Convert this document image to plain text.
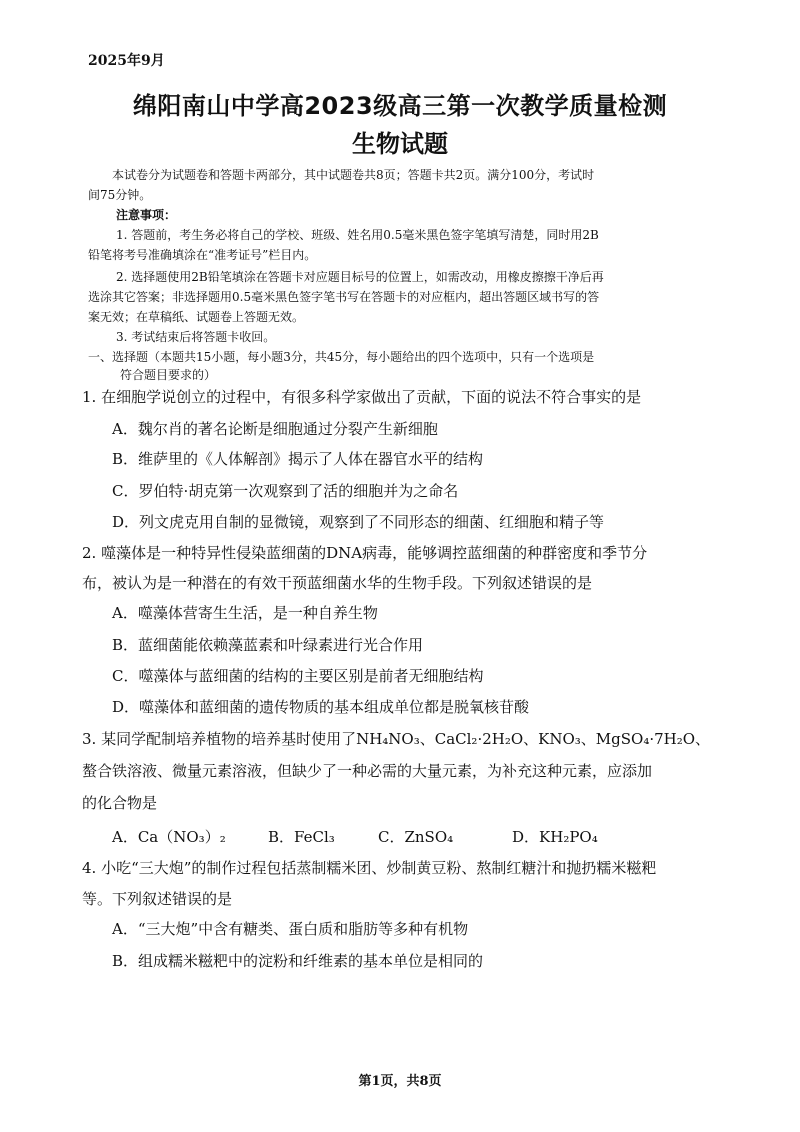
2025年9月
绵阳南山中学高2023级高三第一次教学质量检测
生物试题
本试卷分为试题卷和答题卡两部分，其中试题卷共8页；答题卡共2页。满分100分，考试时
间75分钟。
注意事项：
1. 答题前，考生务必将自己的学校、班级、姓名用0.5毫米黑色签字笔填写清楚，同时用2B
铅笔将考号准确填涂在“准考证号”栏目内。
2. 选择题使用2B铅笔填涂在答题卡对应题目标号的位置上，如需改动，用橡皮擦擦干净后再
选涂其它答案；非选择题用0.5毫米黑色签字笔书写在答题卡的对应框内，超出答题区域书写的答
案无效；在草稿纸、试题卷上答题无效。
3. 考试结束后将答题卡收回。
一、选择题（本题共15小题，每小题3分，共45分，每小题给出的四个选项中，只有一个选项是
符合题目要求的）
1. 在细胞学说创立的过程中，有很多科学家做出了贡献，下面的说法不符合事实的是
A．魏尔肖的著名论断是细胞通过分裂产生新细胞
B．维萨里的《人体解剖》揭示了人体在器官水平的结构
C．罗伯特·胡克第一次观察到了活的细胞并为之命名
D．列文虎克用自制的显微镜，观察到了不同形态的细菌、红细胞和精子等
2. 噬藻体是一种特异性侵染蓝细菌的DNA病毒，能够调控蓝细菌的种群密度和季节分
布，被认为是一种潜在的有效干预蓝细菌水华的生物手段。下列叙述错误的是
A．噬藻体营寄生生活，是一种自养生物
B．蓝细菌能依赖藻蓝素和叶绿素进行光合作用
C．噬藻体与蓝细菌的结构的主要区别是前者无细胞结构
D．噬藻体和蓝细菌的遗传物质的基本组成单位都是脱氧核苷酸
3. 某同学配制培养植物的培养基时使用了NH₄NO₃、CaCl₂·2H₂O、KNO₃、MgSO₄·7H₂O、
螯合铁溶液、微量元素溶液，但缺少了一种必需的大量元素，为补充这种元素，应添加
的化合物是
A．Ca（NO₃）₂	B．FeCl₃	C．ZnSO₄	D．KH₂PO₄
4. 小吃“三大炮”的制作过程包括蒸制糯米团、炒制黄豆粉、熬制红糖汁和抛扔糯米糍粑
等。下列叙述错误的是
A．“三大炮”中含有糖类、蛋白质和脂肪等多种有机物
B．组成糯米糍粑中的淀粉和纤维素的基本单位是相同的
第1页，共8页
